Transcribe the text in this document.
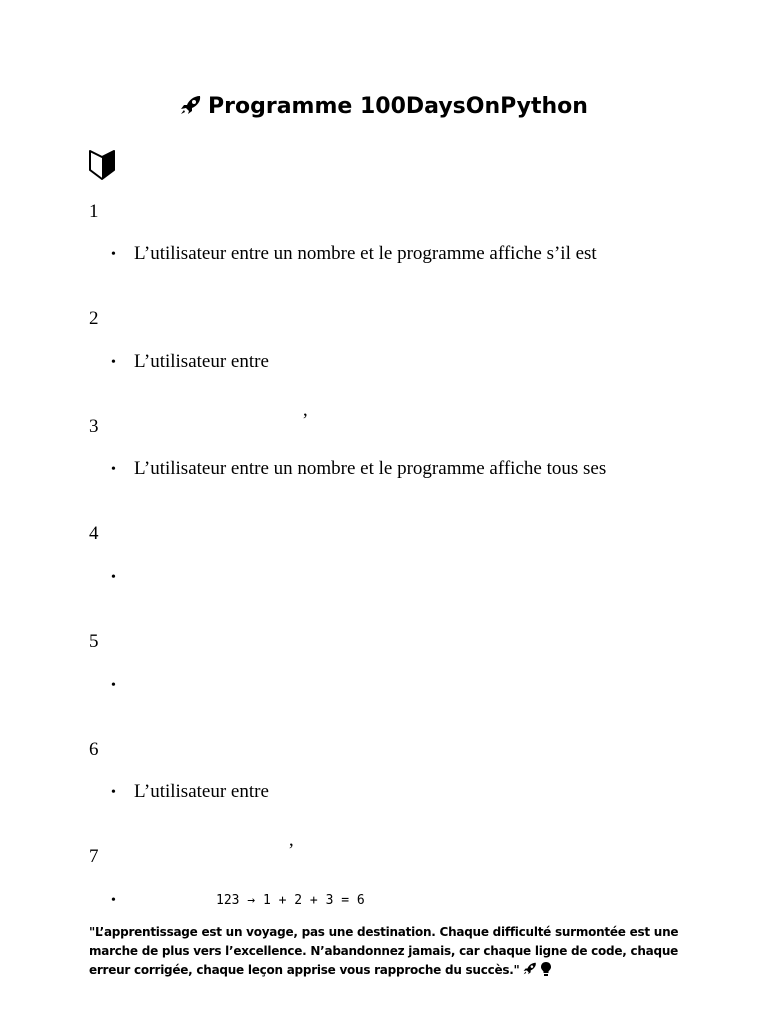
Programme 100DaysOnPython
1
• L’utilisateur entre un nombre et le programme affiche s’il est
2
• L’utilisateur entre
3	’
• L’utilisateur entre un nombre et le programme affiche tous ses
4
•
5
•
6
• L’utilisateur entre
7	’
•	123 → 1 + 2 + 3 = 6
"L’apprentissage est un voyage, pas une destination. Chaque difficulté surmontée est une marche de plus vers l’excellence. N’abandonnez jamais, car chaque ligne de code, chaque erreur corrigée, chaque leçon apprise vous rapproche du succès."
